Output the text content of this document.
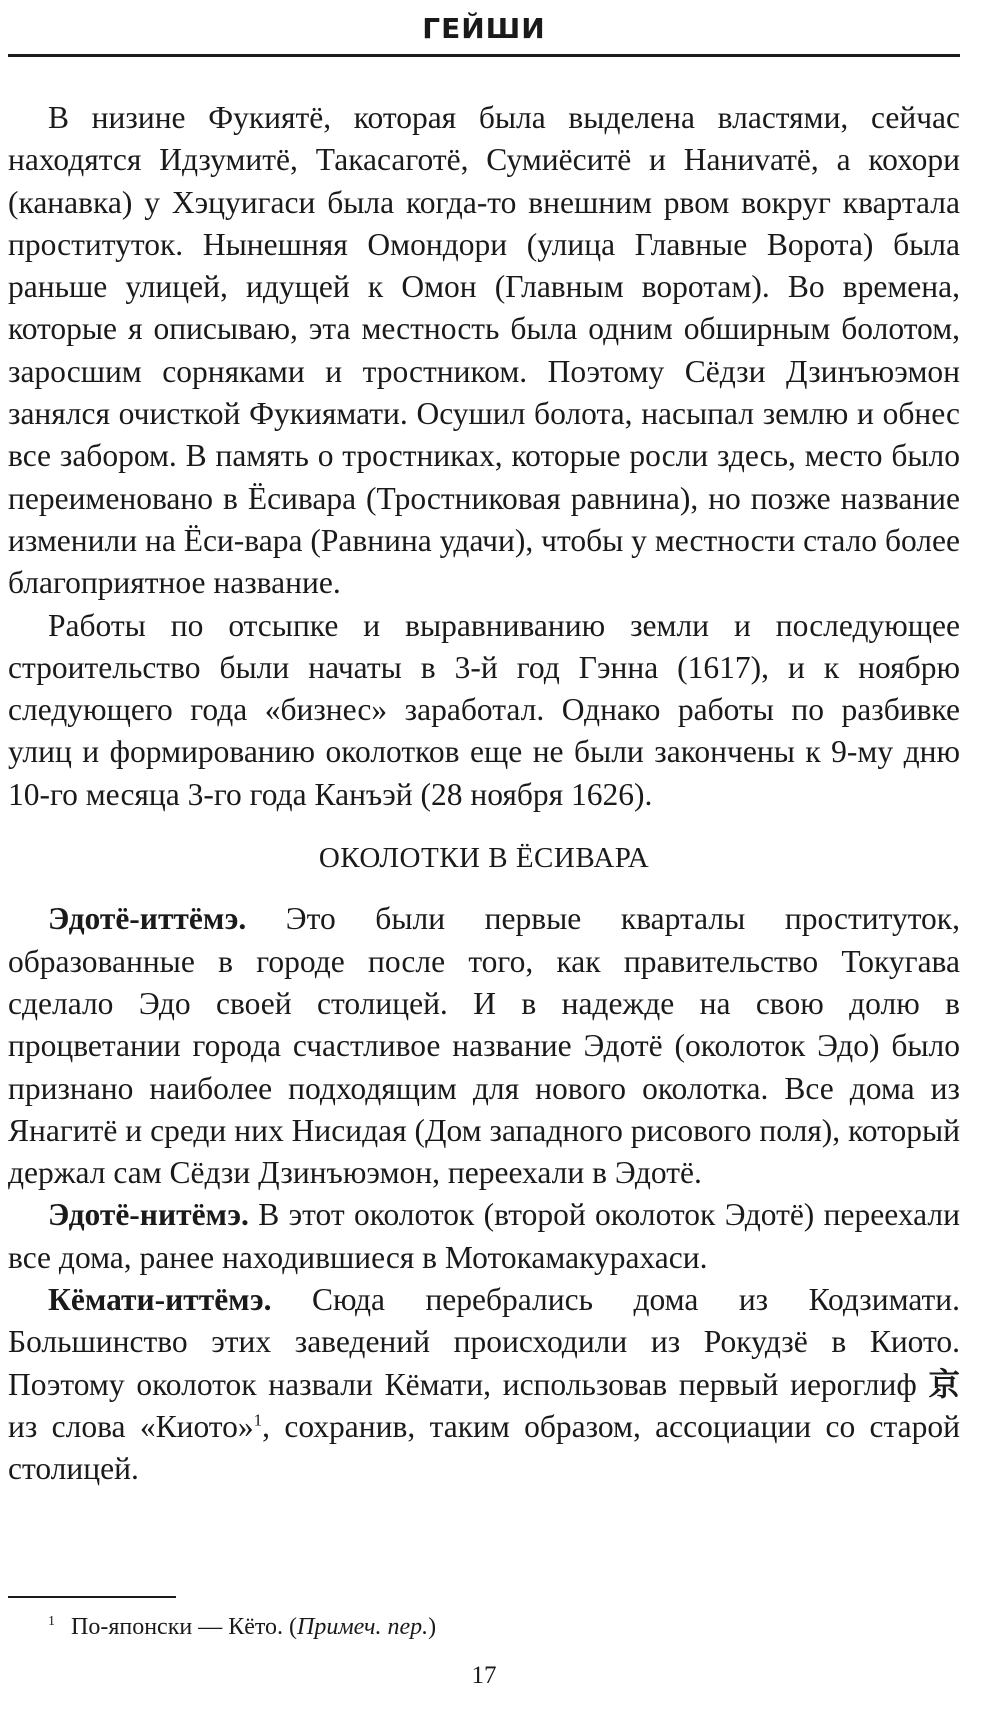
ГЕЙШИ

В низине Фукиятё, которая была выделена властями, сейчас находятся Идзумитё, Такасаготё, Сумиёситё и Наниvатё, а кохори (канавка) у Хэцуигаси была когда-то внешним рвом вокруг квартала проституток. Нынешняя Омондори (улица Главные Ворота) была раньше улицей, идущей к Омон (Главным воротам). Во времена, которые я описываю, эта местность была одним обширным болотом, заросшим сорняками и тростником. Поэтому Сёдзи Дзинъюэмон занялся очисткой Фукиямати. Осушил болота, насыпал землю и обнес все забором. В память о тростниках, которые росли здесь, место было переименовано в Ёсивара (Тростниковая равнина), но позже название изменили на Ёси-вара (Равнина удачи), чтобы у местности стало более благоприятное название.

Работы по отсыпке и выравниванию земли и последующее строительство были начаты в 3-й год Гэнна (1617), и к ноябрю следующего года «бизнес» заработал. Однако работы по разбивке улиц и формированию околотков еще не были закончены к 9-му дню 10-го месяца 3-го года Канъэй (28 ноября 1626).

ОКОЛОТКИ В ЁСИВАРА

Эдотё-иттёмэ. Это были первые кварталы проституток, образованные в городе после того, как правительство Токугава сделало Эдо своей столицей. И в надежде на свою долю в процветании города счастливое название Эдотё (околоток Эдо) было признано наиболее подходящим для нового околотка. Все дома из Янагитё и среди них Нисидая (Дом западного рисового поля), который держал сам Сёдзи Дзинъюэмон, переехали в Эдотё.

Эдотё-нитёмэ. В этот околоток (второй околоток Эдотё) переехали все дома, ранее находившиеся в Мотокамакурахаси.

Кёмати-иттёмэ. Сюда перебрались дома из Кодзимати. Большинство этих заведений происходили из Рокудзё в Киото. Поэтому околоток назвали Кёмати, использовав первый иероглиф 京 из слова «Киото»$^1$, сохранив, таким образом, ассоциации со старой столицей.

$^1$ По-японски — Кёто. (Примеч. пер.)
17
